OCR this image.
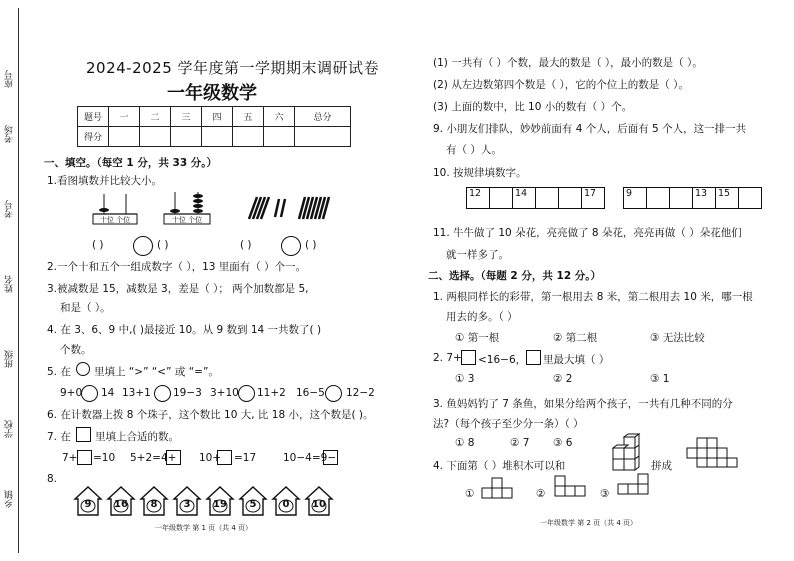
乡镇
学校
班级
姓名
考号
考场
座号
2024-2025 学年度第一学期期末调研试卷
一年级数学
题号	一	二	三	四	五	六	总分
得分							
一、填空。（每空 1 分，共 33 分。）
1.看图填数并比较大小。
十位 个位	十位 个位
( )	( )	( )	( )
2.一个十和五个一组成数字（ ），13 里面有（ ）个一。
3.被减数是 15，减数是 3，差是（ ）； 两个加数都是 5,
和是（ ）。
4. 在 3、6、9 中,( )最接近 10。从 9 数到 14 一共数了( )
个数。
5. 在 里填上 “>” “<” 或 “=”。
9+0 14 13+1 19−3 3+10 11+2 16−5 12−2
6. 在计数器上拨 8 个珠子，这个数比 10 大, 比 18 小，这个数是( )。
7. 在 里填上合适的数。
7+ =10 5+2=4+ 10+ =17	10−4=9−
8.
9	16	8	3	19	5	0	10
一年级数学 第 1 页（共 4 页）
(1) 一共有（ ）个数，最大的数是（ ），最小的数是（ ）。
(2) 从左边数第四个数是（ ），它的个位上的数是（ ）。
(3) 上面的数中，比 10 小的数有（ ）个。
9. 小朋友们排队，妙妙前面有 4 个人，后面有 5 个人，这一排一共
有（ ）人。
10. 按规律填数字。
12		14			17	9			13	15	
11. 牛牛做了 10 朵花，亮亮做了 8 朵花，亮亮再做（ ）朵花他们
就一样多了。
二、选择。（每题 2 分，共 12 分。）
1. 两根同样长的彩带，第一根用去 8 米，第二根用去 10 米，哪一根
用去的多。（ ）
① 第一根	② 第二根	③ 无法比较
2. 7+ <16−6， 里最大填（ ）
① 3	② 2	③ 1
3. 鱼妈妈钓了 7 条鱼，如果分给两个孩子，一共有几种不同的分
法?（每个孩子至少分一条）（ ）
① 8	② 7 ③ 6
4. 下面第（ ）堆积木可以和	拼成
①	②	③
一年级数学 第 2 页（共 4 页）
